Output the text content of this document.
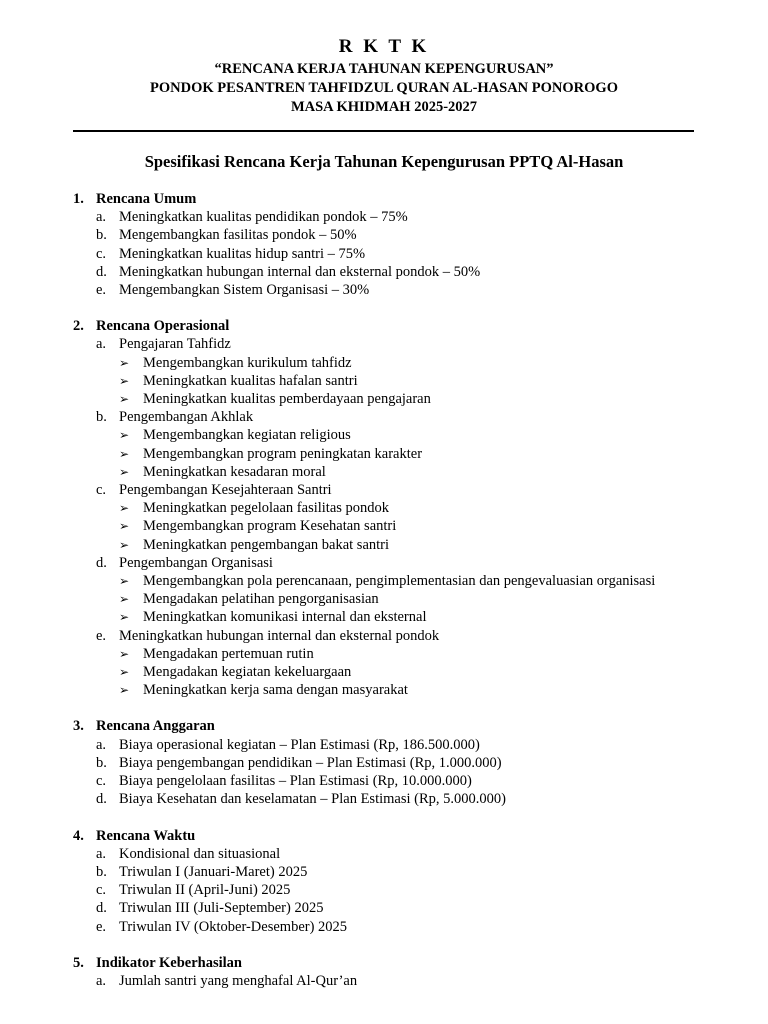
R K T K
“RENCANA KERJA TAHUNAN KEPENGURUSAN”
PONDOK PESANTREN TAHFIDZUL QURAN AL-HASAN PONOROGO
MASA KHIDMAH 2025-2027
Spesifikasi Rencana Kerja Tahunan Kepengurusan PPTQ Al-Hasan
1. Rencana Umum
a. Meningkatkan kualitas pendidikan pondok – 75%
b. Mengembangkan fasilitas pondok – 50%
c. Meningkatkan kualitas hidup santri – 75%
d. Meningkatkan hubungan internal dan eksternal pondok – 50%
e. Mengembangkan Sistem Organisasi – 30%
2. Rencana Operasional
a. Pengajaran Tahfidz
➢ Mengembangkan kurikulum tahfidz
➢ Meningkatkan kualitas hafalan santri
➢ Meningkatkan kualitas pemberdayaan pengajaran
b. Pengembangan Akhlak
➢ Mengembangkan kegiatan religious
➢ Mengembangkan program peningkatan karakter
➢ Meningkatkan kesadaran moral
c. Pengembangan Kesejahteraan Santri
➢ Meningkatkan pegelolaan fasilitas pondok
➢ Mengembangkan program Kesehatan santri
➢ Meningkatkan pengembangan bakat santri
d. Pengembangan Organisasi
➢ Mengembangkan pola perencanaan, pengimplementasian dan pengevaluasian organisasi
➢ Mengadakan pelatihan pengorganisasian
➢ Meningkatkan komunikasi internal dan eksternal
e. Meningkatkan hubungan internal dan eksternal pondok
➢ Mengadakan pertemuan rutin
➢ Mengadakan kegiatan kekeluargaan
➢ Meningkatkan kerja sama dengan masyarakat
3. Rencana Anggaran
a. Biaya operasional kegiatan – Plan Estimasi (Rp, 186.500.000)
b. Biaya pengembangan pendidikan – Plan Estimasi (Rp, 1.000.000)
c. Biaya pengelolaan fasilitas – Plan Estimasi (Rp, 10.000.000)
d. Biaya Kesehatan dan keselamatan – Plan Estimasi (Rp, 5.000.000)
4. Rencana Waktu
a. Kondisional dan situasional
b. Triwulan I (Januari-Maret) 2025
c. Triwulan II (April-Juni) 2025
d. Triwulan III (Juli-September) 2025
e. Triwulan IV (Oktober-Desember) 2025
5. Indikator Keberhasilan
a. Jumlah santri yang menghafal Al-Qur’an
